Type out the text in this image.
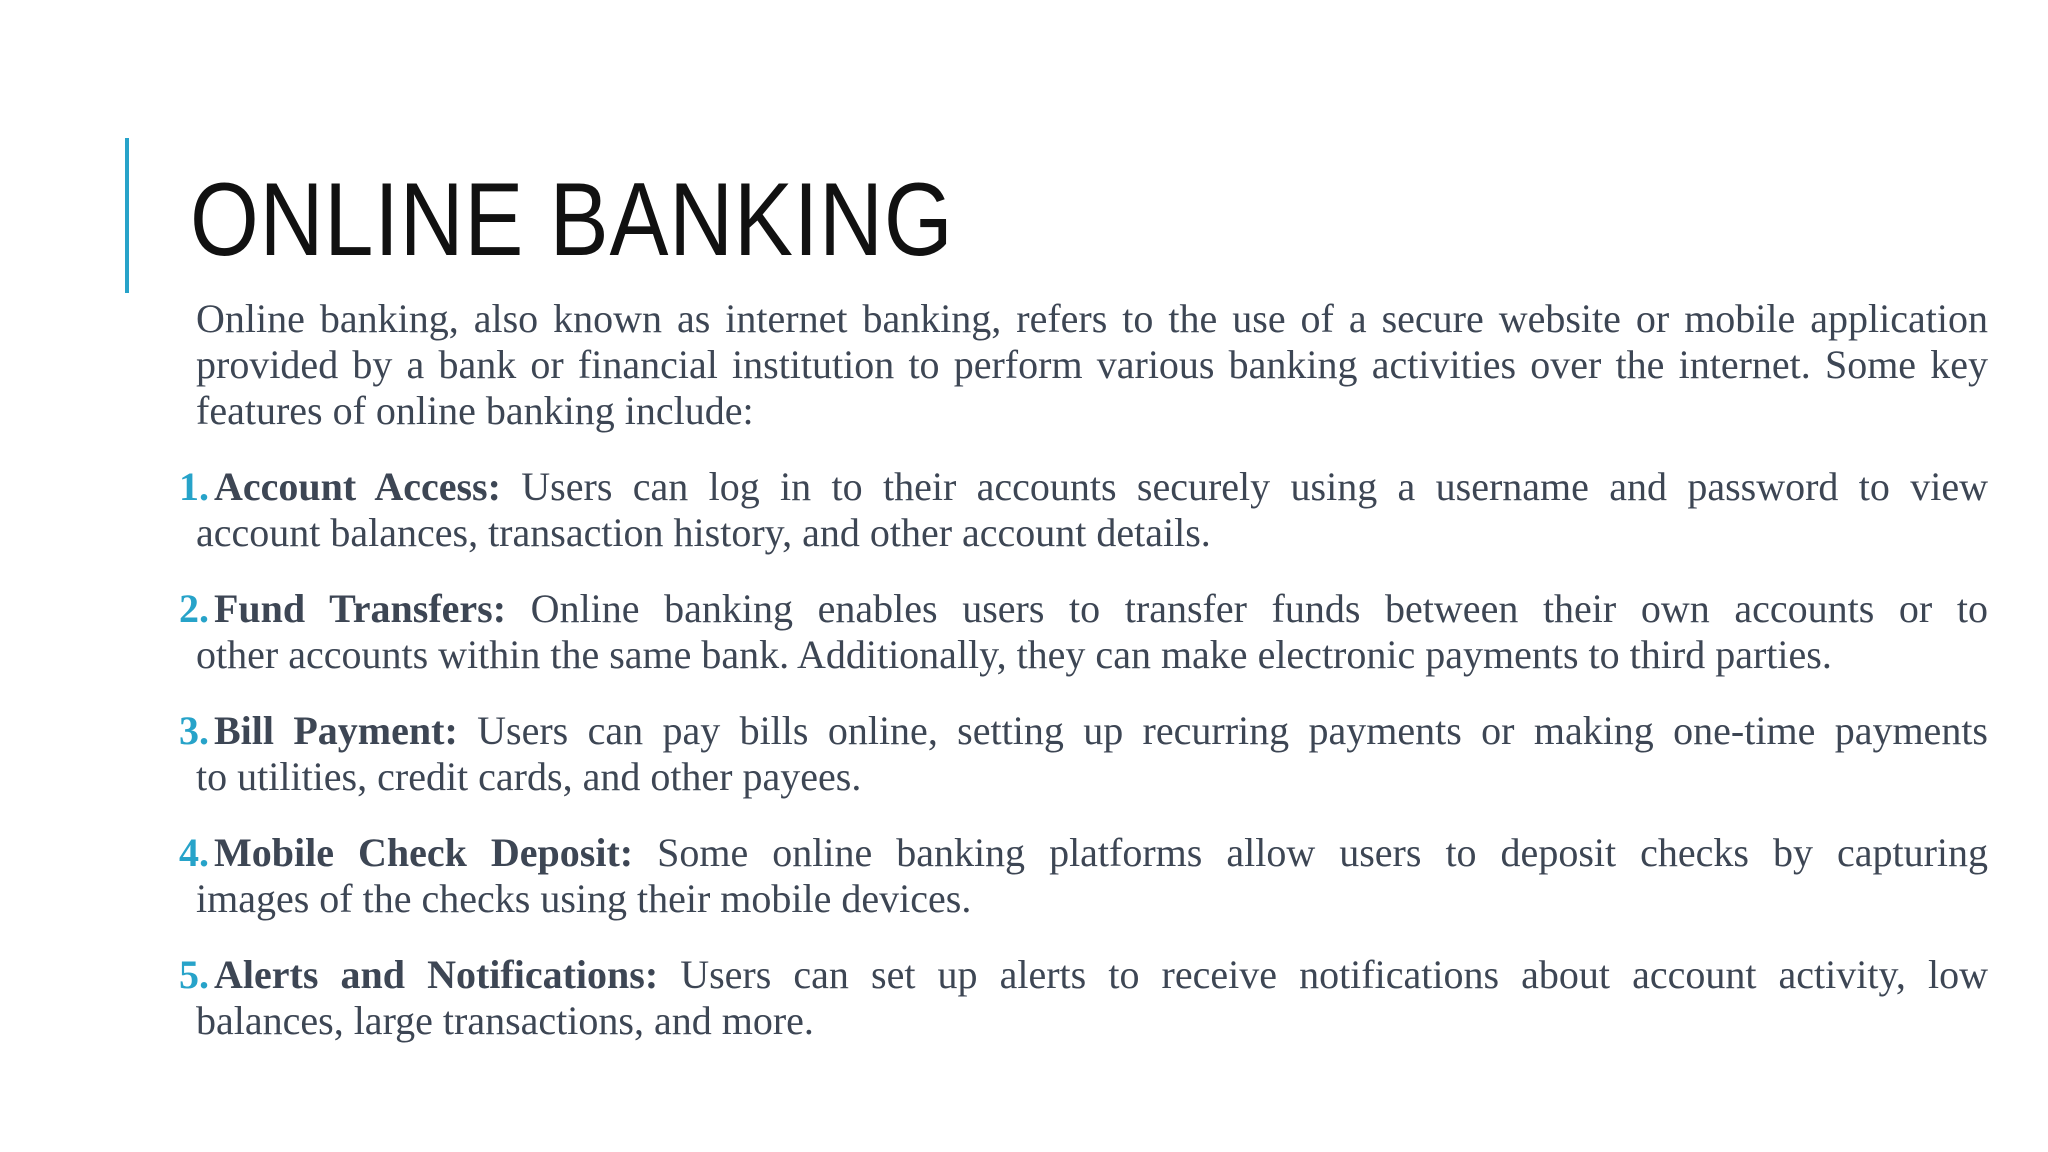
ONLINE BANKING

Online banking, also known as internet banking, refers to the use of a secure website or mobile application provided by a bank or financial institution to perform various banking activities over the internet. Some key features of online banking include:

1. Account Access: Users can log in to their accounts securely using a username and password to view
account balances, transaction history, and other account details.
2. Fund Transfers: Online banking enables users to transfer funds between their own accounts or to
other accounts within the same bank. Additionally, they can make electronic payments to third parties.
3. Bill Payment: Users can pay bills online, setting up recurring payments or making one-time payments
to utilities, credit cards, and other payees.
4. Mobile Check Deposit: Some online banking platforms allow users to deposit checks by capturing
images of the checks using their mobile devices.
5. Alerts and Notifications: Users can set up alerts to receive notifications about account activity, low
balances, large transactions, and more.
